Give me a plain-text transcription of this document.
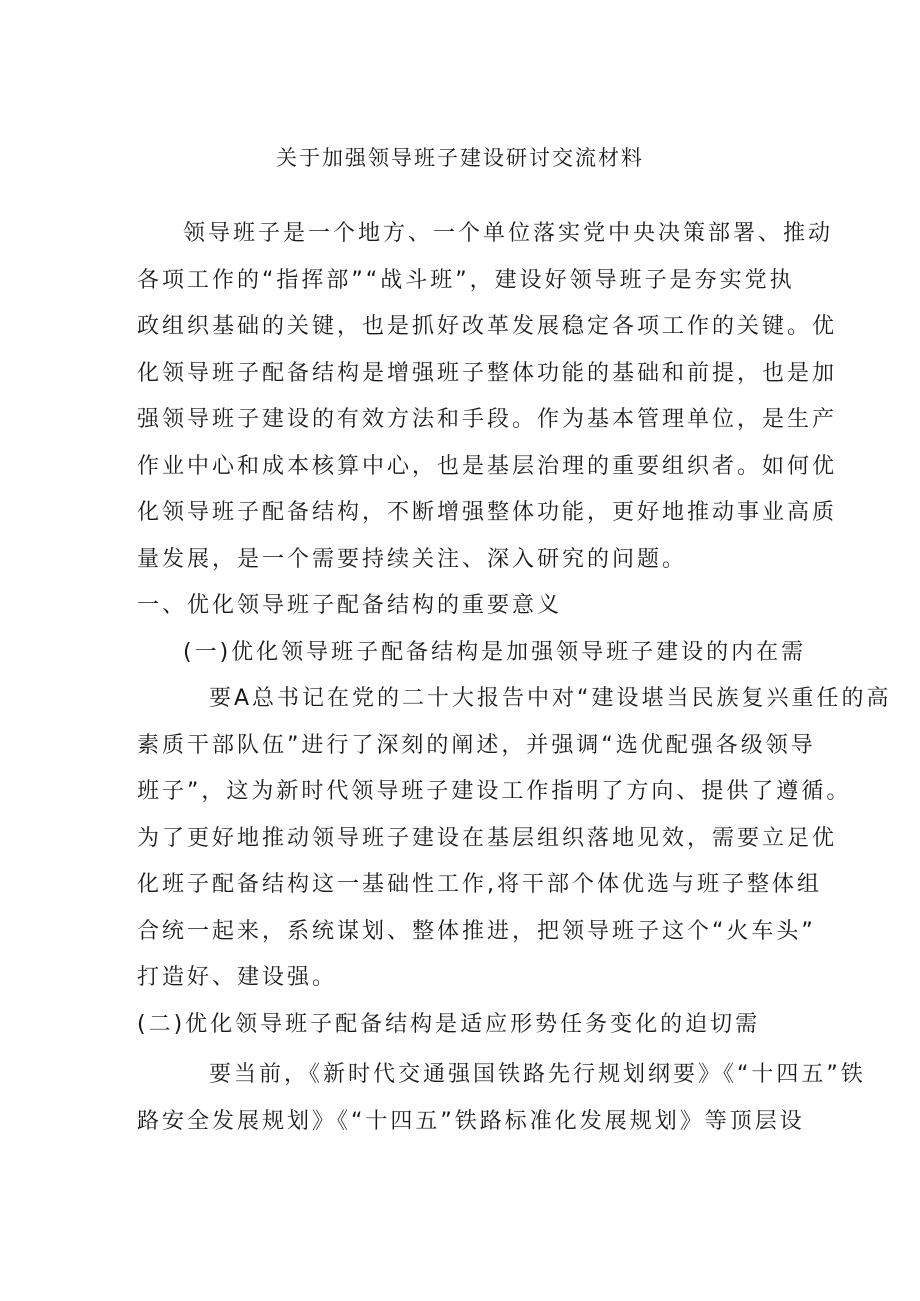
关于加强领导班子建设研讨交流材料
领导班子是一个地方、一个单位落实党中央决策部署、推动
各项工作的“指挥部”“战斗班”，建设好领导班子是夯实党执
政组织基础的关键，也是抓好改革发展稳定各项工作的关键。优
化领导班子配备结构是增强班子整体功能的基础和前提，也是加
强领导班子建设的有效方法和手段。作为基本管理单位，是生产
作业中心和成本核算中心，也是基层治理的重要组织者。如何优
化领导班子配备结构，不断增强整体功能，更好地推动事业高质
量发展，是一个需要持续关注、深入研究的问题。
一、优化领导班子配备结构的重要意义
(一)优化领导班子配备结构是加强领导班子建设的内在需
要A总书记在党的二十大报告中对“建设堪当民族复兴重任的高
素质干部队伍”进行了深刻的阐述，并强调“选优配强各级领导
班子”，这为新时代领导班子建设工作指明了方向、提供了遵循。
为了更好地推动领导班子建设在基层组织落地见效，需要立足优
化班子配备结构这一基础性工作,将干部个体优选与班子整体组
合统一起来，系统谋划、整体推进，把领导班子这个“火车头”
打造好、建设强。
(二)优化领导班子配备结构是适应形势任务变化的迫切需
要当前，《新时代交通强国铁路先行规划纲要》《“十四五”铁
路安全发展规划》《“十四五”铁路标准化发展规划》等顶层设
